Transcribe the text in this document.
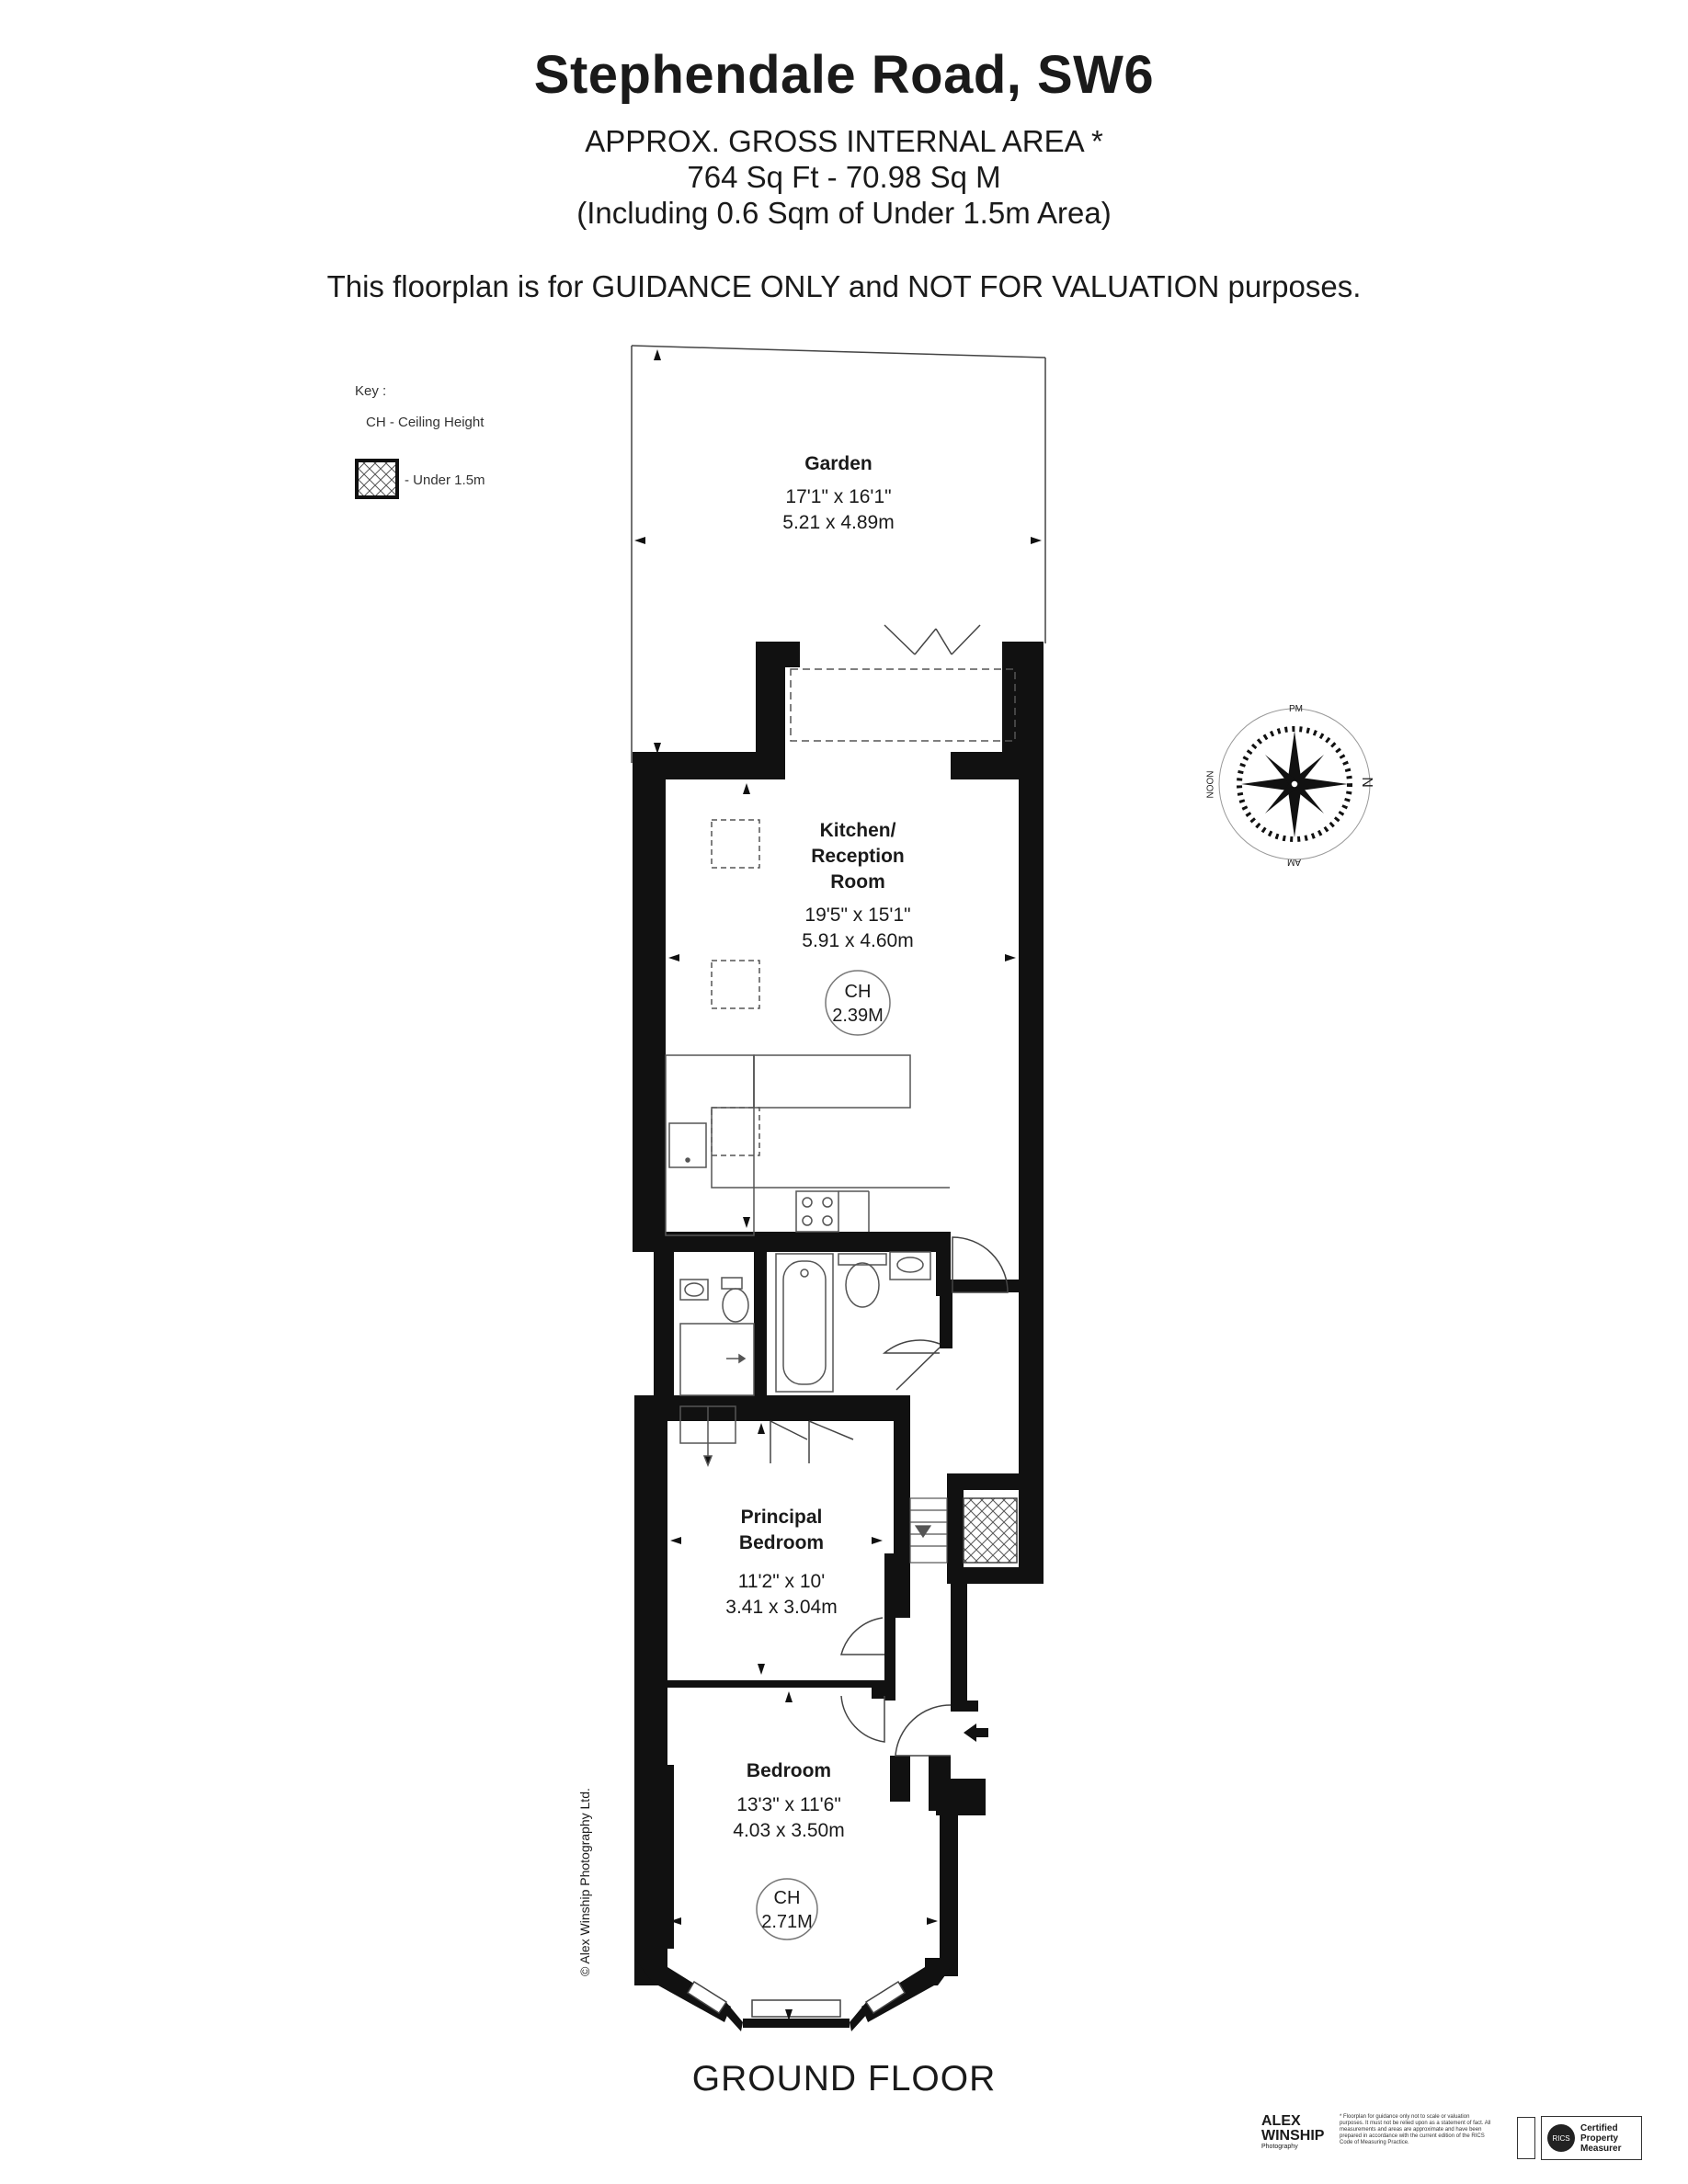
Stephendale Road, SW6
APPROX. GROSS INTERNAL AREA *
764 Sq Ft - 70.98 Sq M
(Including 0.6 Sqm of Under 1.5m Area)
This floorplan is for GUIDANCE ONLY and NOT FOR VALUATION purposes.
Key :
CH - Ceiling Height
- Under 1.5m
PM
AM
NOON	N
Garden
17'1" x 16'1"
5.21 x 4.89m
Kitchen/
Reception
Room
19'5" x 15'1"
5.91 x 4.60m
CH
2.39M
Principal
Bedroom
11'2" x 10'
3.41 x 3.04m
Bedroom
13'3" x 11'6"
4.03 x 3.50m
CH
2.71M
© Alex Winship Photography Ltd.
GROUND FLOOR
ALEX
WINSHIP
Photography
* Floorplan for guidance only not to scale or valuation purposes. It must not be relied upon as a statement of fact. All measurements and areas are approximate and have been prepared in accordance with the current edition of the RICS Code of Measuring Practice.
RICS
Certified
Property
Measurer
